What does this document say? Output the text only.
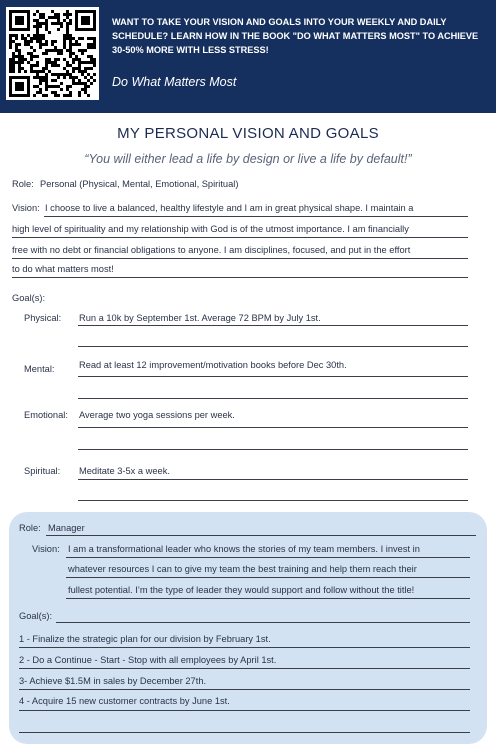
WANT TO TAKE YOUR VISION AND GOALS INTO YOUR WEEKLY AND DAILY SCHEDULE? LEARN HOW IN THE BOOK "DO WHAT MATTERS MOST" TO ACHIEVE 30-50% MORE WITH LESS STRESS!
Do What Matters Most
MY PERSONAL VISION AND GOALS
“You will either lead a life by design or live a life by default!”
Role: Personal (Physical, Mental, Emotional, Spiritual)
Vision: I choose to live a balanced, healthy lifestyle and I am in great physical shape. I maintain a
high level of spirituality and my relationship with God is of the utmost importance. I am financially
free with no debt or financial obligations to anyone. I am disciplines, focused, and put in the effort
to do what matters most!
Goal(s):
Physical: Run a 10k by September 1st. Average 72 BPM by July 1st.
Mental:	Read at least 12 improvement/motivation books before Dec 30th.
Emotional: Average two yoga sessions per week.
Spiritual: Meditate 3-5x a week.
Role: Manager
Vision: I am a transformational leader who knows the stories of my team members. I invest in
whatever resources I can to give my team the best training and help them reach their
fullest potential. I’m the type of leader they would support and follow without the title!
Goal(s):
1 - Finalize the strategic plan for our division by February 1st.
2 - Do a Continue - Start - Stop with all employees by April 1st.
3- Achieve $1.5M in sales by December 27th.
4 - Acquire 15 new customer contracts by June 1st.
